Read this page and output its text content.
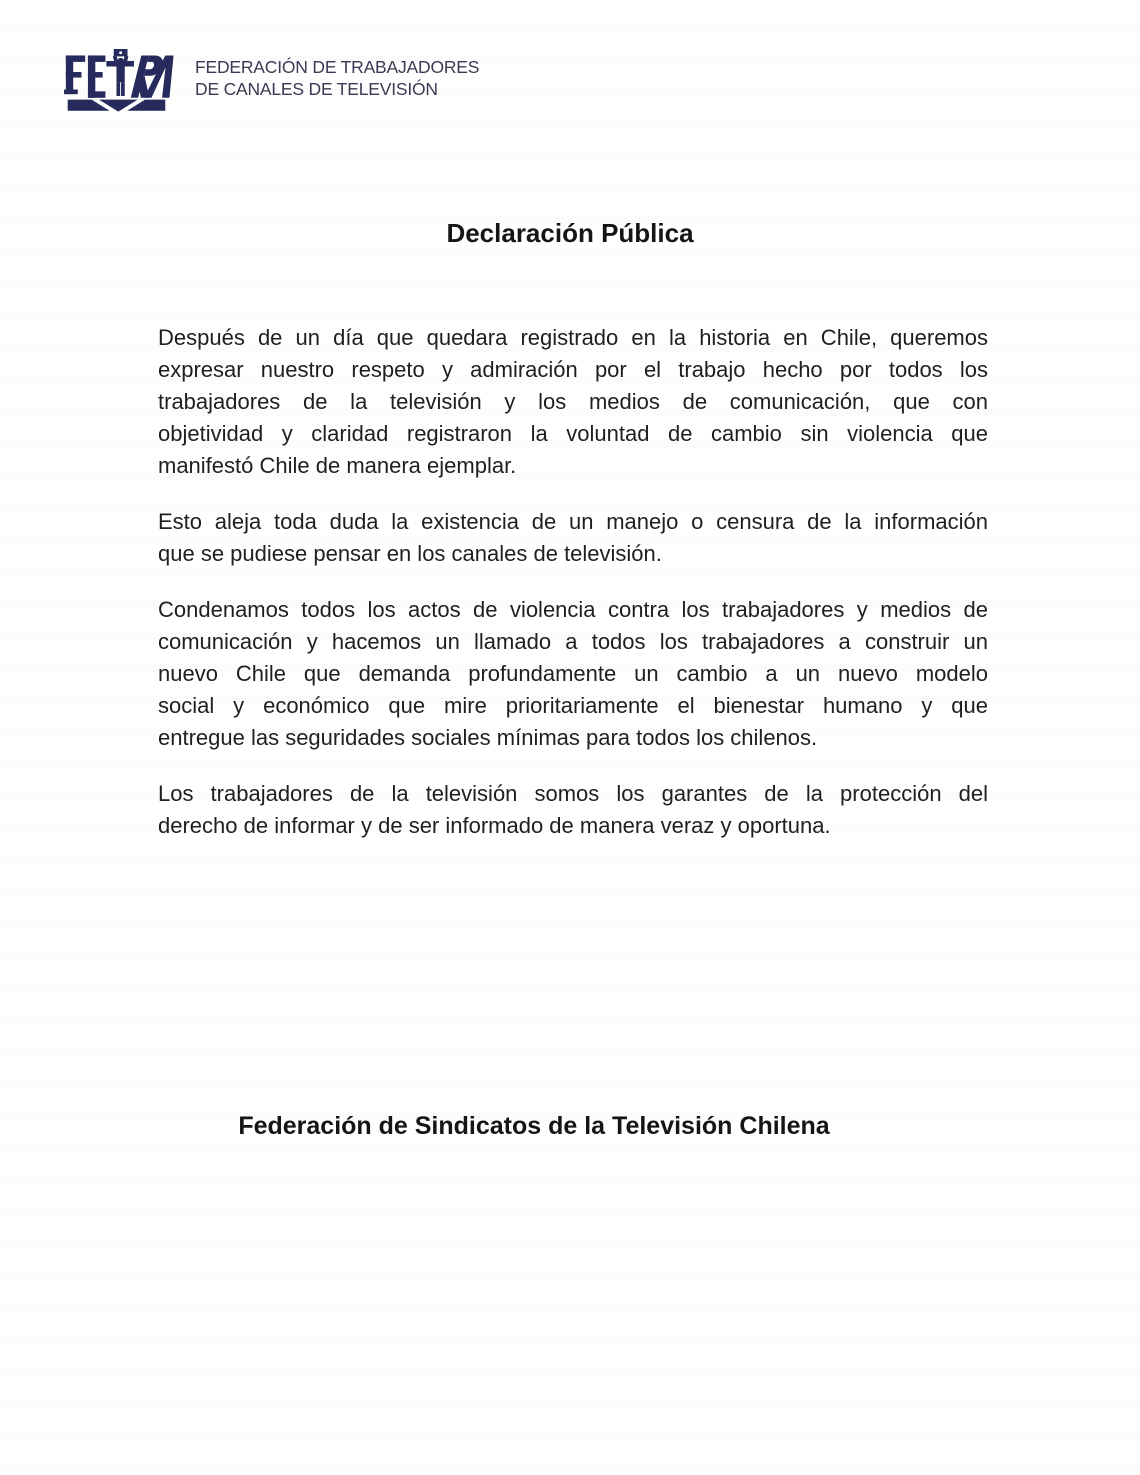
FEDERACIÓN DE TRABAJADORES
DE CANALES DE TELEVISIÓN
Declaración Pública
Después de un día que quedara registrado en la historia en Chile, queremos
expresar nuestro respeto y admiración por el trabajo hecho por todos los
trabajadores de la televisión y los medios de comunicación, que con
objetividad y claridad registraron la voluntad de cambio sin violencia que
manifestó Chile de manera ejemplar.
Esto aleja toda duda la existencia de un manejo o censura de la información
que se pudiese pensar en los canales de televisión.
Condenamos todos los actos de violencia contra los trabajadores y medios de
comunicación y hacemos un llamado a todos los trabajadores a construir un
nuevo Chile que demanda profundamente un cambio a un nuevo modelo
social y económico que mire prioritariamente el bienestar humano y que
entregue las seguridades sociales mínimas para todos los chilenos.
Los trabajadores de la televisión somos los garantes de la protección del
derecho de informar y de ser informado de manera veraz y oportuna.
Federación de Sindicatos de la Televisión Chilena
